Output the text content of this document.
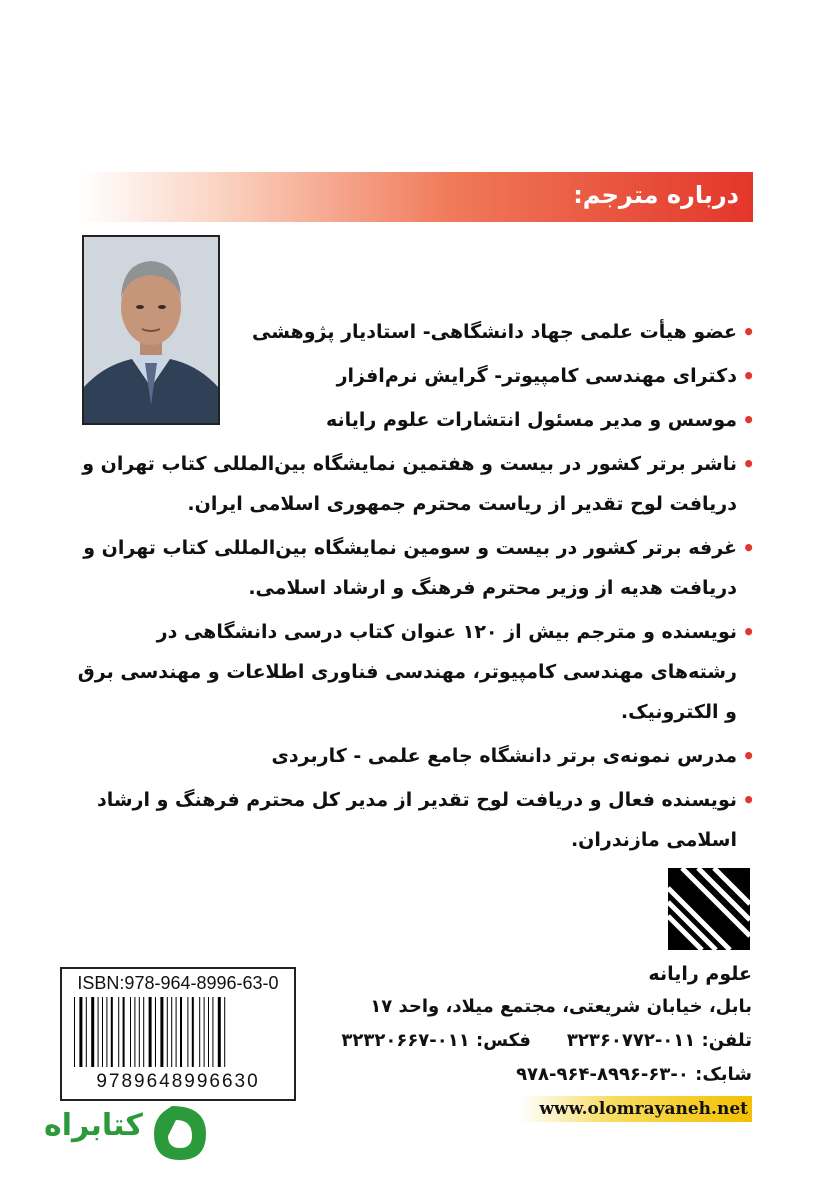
درباره مترجم:
• عضو هیأت علمی جهاد دانشگاهی- استادیار پژوهشی
• دکترای مهندسی کامپیوتر- گرایش نرم‌افزار
• موسس و مدیر مسئول انتشارات علوم رایانه
• ناشر برتر کشور در بیست و هفتمین نمایشگاه بین‌المللی کتاب تهران و دریافت لوح تقدیر از ریاست محترم جمهوری اسلامی ایران.
• غرفه برتر کشور در بیست و سومین نمایشگاه بین‌المللی کتاب تهران و دریافت هدیه از وزیر محترم فرهنگ و ارشاد اسلامی.
• نویسنده و مترجم بیش از ۱۲۰ عنوان کتاب درسی دانشگاهی در رشته‌های مهندسی کامپیوتر، مهندسی فناوری اطلاعات و مهندسی برق و الکترونیک.
• مدرس نمونه‌ی برتر دانشگاه جامع علمی - کاربردی
• نویسنده فعال و دریافت لوح تقدیر از مدیر کل محترم فرهنگ و ارشاد اسلامی مازندران.
علوم رایانه
بابل، خیابان شریعتی، مجتمع میلاد، واحد ۱۷
تلفن: ۰۱۱-۳۲۳۶۰۷۷۲فکس: ۰۱۱-۳۲۳۲۰۶۶۷
شابک: ۰-۶۳-۸۹۹۶-۹۶۴-۹۷۸
www.olomrayaneh.net
ISBN:978-964-8996-63-0
9789648996630
کتابراه
